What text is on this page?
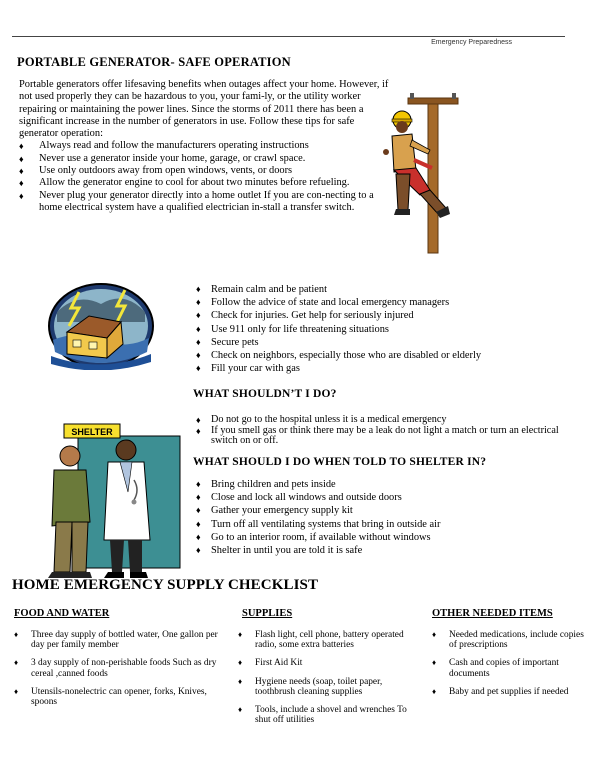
Emergency Preparedness
PORTABLE GENERATOR- SAFE OPERATION

Portable generators offer lifesaving benefits when outages affect your home. However, if not used properly they can be hazardous to you, your fami-ly, or the utility worker repairing or maintaining the power lines. Since the storms of 2011 there has been a significant increase in the number of generators in use. Follow these tips for safe generator operation:

♦ Always read and follow the manufacturers operating instructions
♦ Never use a generator inside your home, garage, or crawl space.
♦ Use only outdoors away from open windows, vents, or doors
♦ Allow the generator engine to cool for about two minutes before refueling.
♦ Never plug your generator directly into a home outlet If you are con-necting to a home electrical system have a qualified electrician in-stall a transfer switch.
♦ Remain calm and be patient
♦ Follow the advice of state and local emergency managers
♦ Check for injuries. Get help for seriously injured
♦ Use 911 only for life threatening situations
♦ Secure pets
♦ Check on neighbors, especially those who are disabled or elderly
♦ Fill your car with gas
WHAT SHOULDN’T I DO?
♦ Do not go to the hospital unless it is a medical emergency
♦ If you smell gas or think there may be a leak do not light a match or turn an electrical switch on or off.
SHELTER
WHAT SHOULD I DO WHEN TOLD TO SHELTER IN?
♦ Bring children and pets inside
♦ Close and lock all windows and outside doors
♦ Gather your emergency supply kit
♦ Turn off all ventilating systems that bring in outside air
♦ Go to an interior room, if available without windows
♦ Shelter in until you are told it is safe
HOME EMERGENCY SUPPLY CHECKLIST
FOOD AND WATER	SUPPLIES	OTHER NEEDED ITEMS
♦ Three day supply of bottled water, One gallon per day per family member
♦ 3 day supply of non-perishable foods Such as dry cereal ,canned foods
♦ Utensils-nonelectric can opener, forks, Knives, spoons
♦ Flash light, cell phone, battery operated radio, some extra batteries
♦ First Aid Kit
♦ Hygiene needs (soap, toilet paper, toothbrush cleaning supplies
♦ Tools, include a shovel and wrenches To shut off utilities
♦ Needed medications, include copies of prescriptions
♦ Cash and copies of important documents
♦ Baby and pet supplies if needed
